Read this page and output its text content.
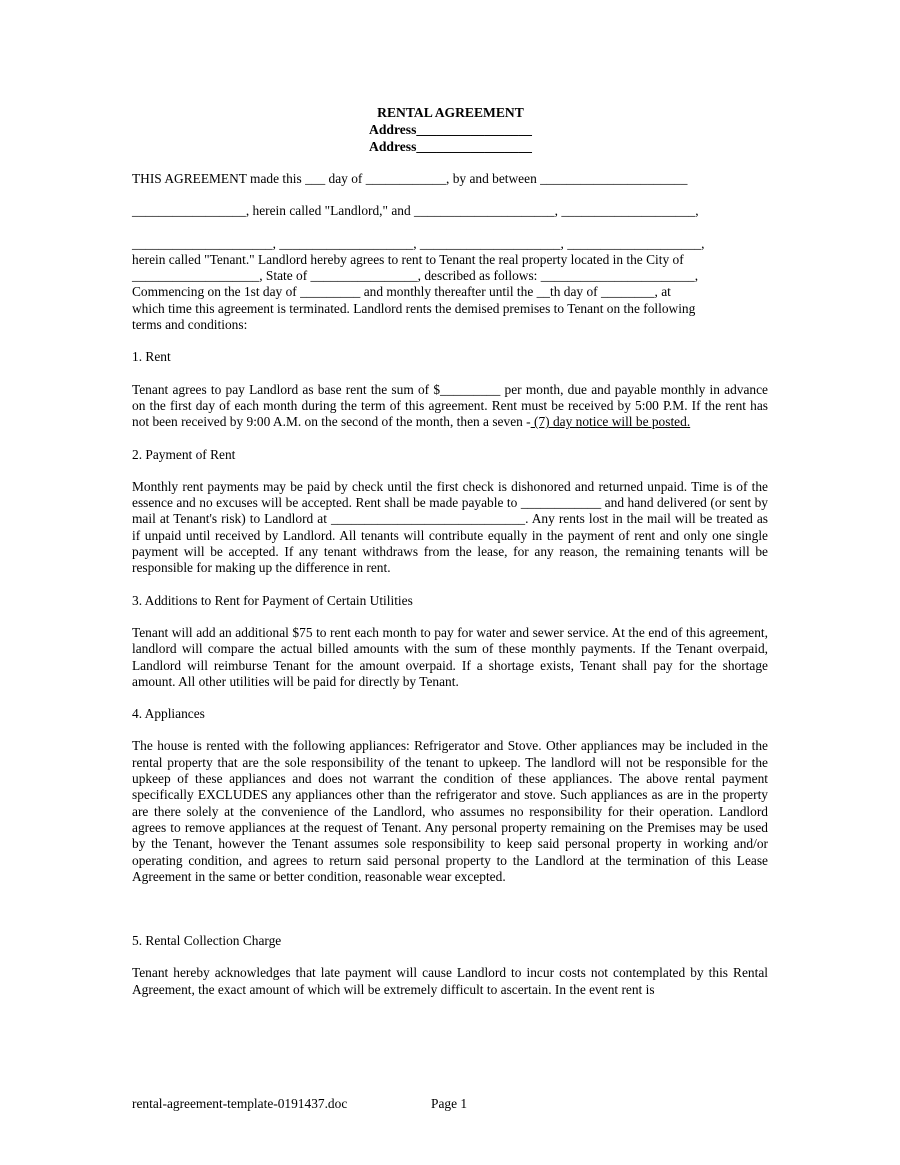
RENTAL AGREEMENT
Address_________________
Address_________________
THIS AGREEMENT made this ___ day of ____________, by and between ______________________
_________________, herein called "Landlord," and _____________________, ____________________,
_____________________, ____________________, _____________________, ____________________,
herein called "Tenant." Landlord hereby agrees to rent to Tenant the real property located in the City of
___________________, State of ________________, described as follows: _______________________,
Commencing on the 1st day of _________ and monthly thereafter until the __th day of ________, at
which time this agreement is terminated. Landlord rents the demised premises to Tenant on the following
terms and conditions:

1. Rent

Tenant agrees to pay Landlord as base rent the sum of $_________ per month, due and payable monthly in advance on the first day of each month during the term of this agreement. Rent must be received by 5:00 P.M. If the rent has not been received by 9:00 A.M. on the second of the month, then a seven - (7) day notice will be posted.

2. Payment of Rent

Monthly rent payments may be paid by check until the first check is dishonored and returned unpaid. Time is of the essence and no excuses will be accepted. Rent shall be made payable to ____________ and hand delivered (or sent by mail at Tenant's risk) to Landlord at _____________________________. Any rents lost in the mail will be treated as if unpaid until received by Landlord. All tenants will contribute equally in the payment of rent and only one single payment will be accepted. If any tenant withdraws from the lease, for any reason, the remaining tenants will be responsible for making up the difference in rent.

3. Additions to Rent for Payment of Certain Utilities

Tenant will add an additional $75 to rent each month to pay for water and sewer service. At the end of this agreement, landlord will compare the actual billed amounts with the sum of these monthly payments. If the Tenant overpaid, Landlord will reimburse Tenant for the amount overpaid. If a shortage exists, Tenant shall pay for the shortage amount. All other utilities will be paid for directly by Tenant.

4. Appliances

The house is rented with the following appliances: Refrigerator and Stove. Other appliances may be included in the rental property that are the sole responsibility of the tenant to upkeep. The landlord will not be responsible for the upkeep of these appliances and does not warrant the condition of these appliances. The above rental payment specifically EXCLUDES any appliances other than the refrigerator and stove. Such appliances as are in the property are there solely at the convenience of the Landlord, who assumes no responsibility for their operation. Landlord agrees to remove appliances at the request of Tenant. Any personal property remaining on the Premises may be used by the Tenant, however the Tenant assumes sole responsibility to keep said personal property in working and/or operating condition, and agrees to return said personal property to the Landlord at the termination of this Lease Agreement in the same or better condition, reasonable wear excepted.

5. Rental Collection Charge

Tenant hereby acknowledges that late payment will cause Landlord to incur costs not contemplated by this Rental Agreement, the exact amount of which will be extremely difficult to ascertain. In the event rent is

rental-agreement-template-0191437.doc	Page 1
